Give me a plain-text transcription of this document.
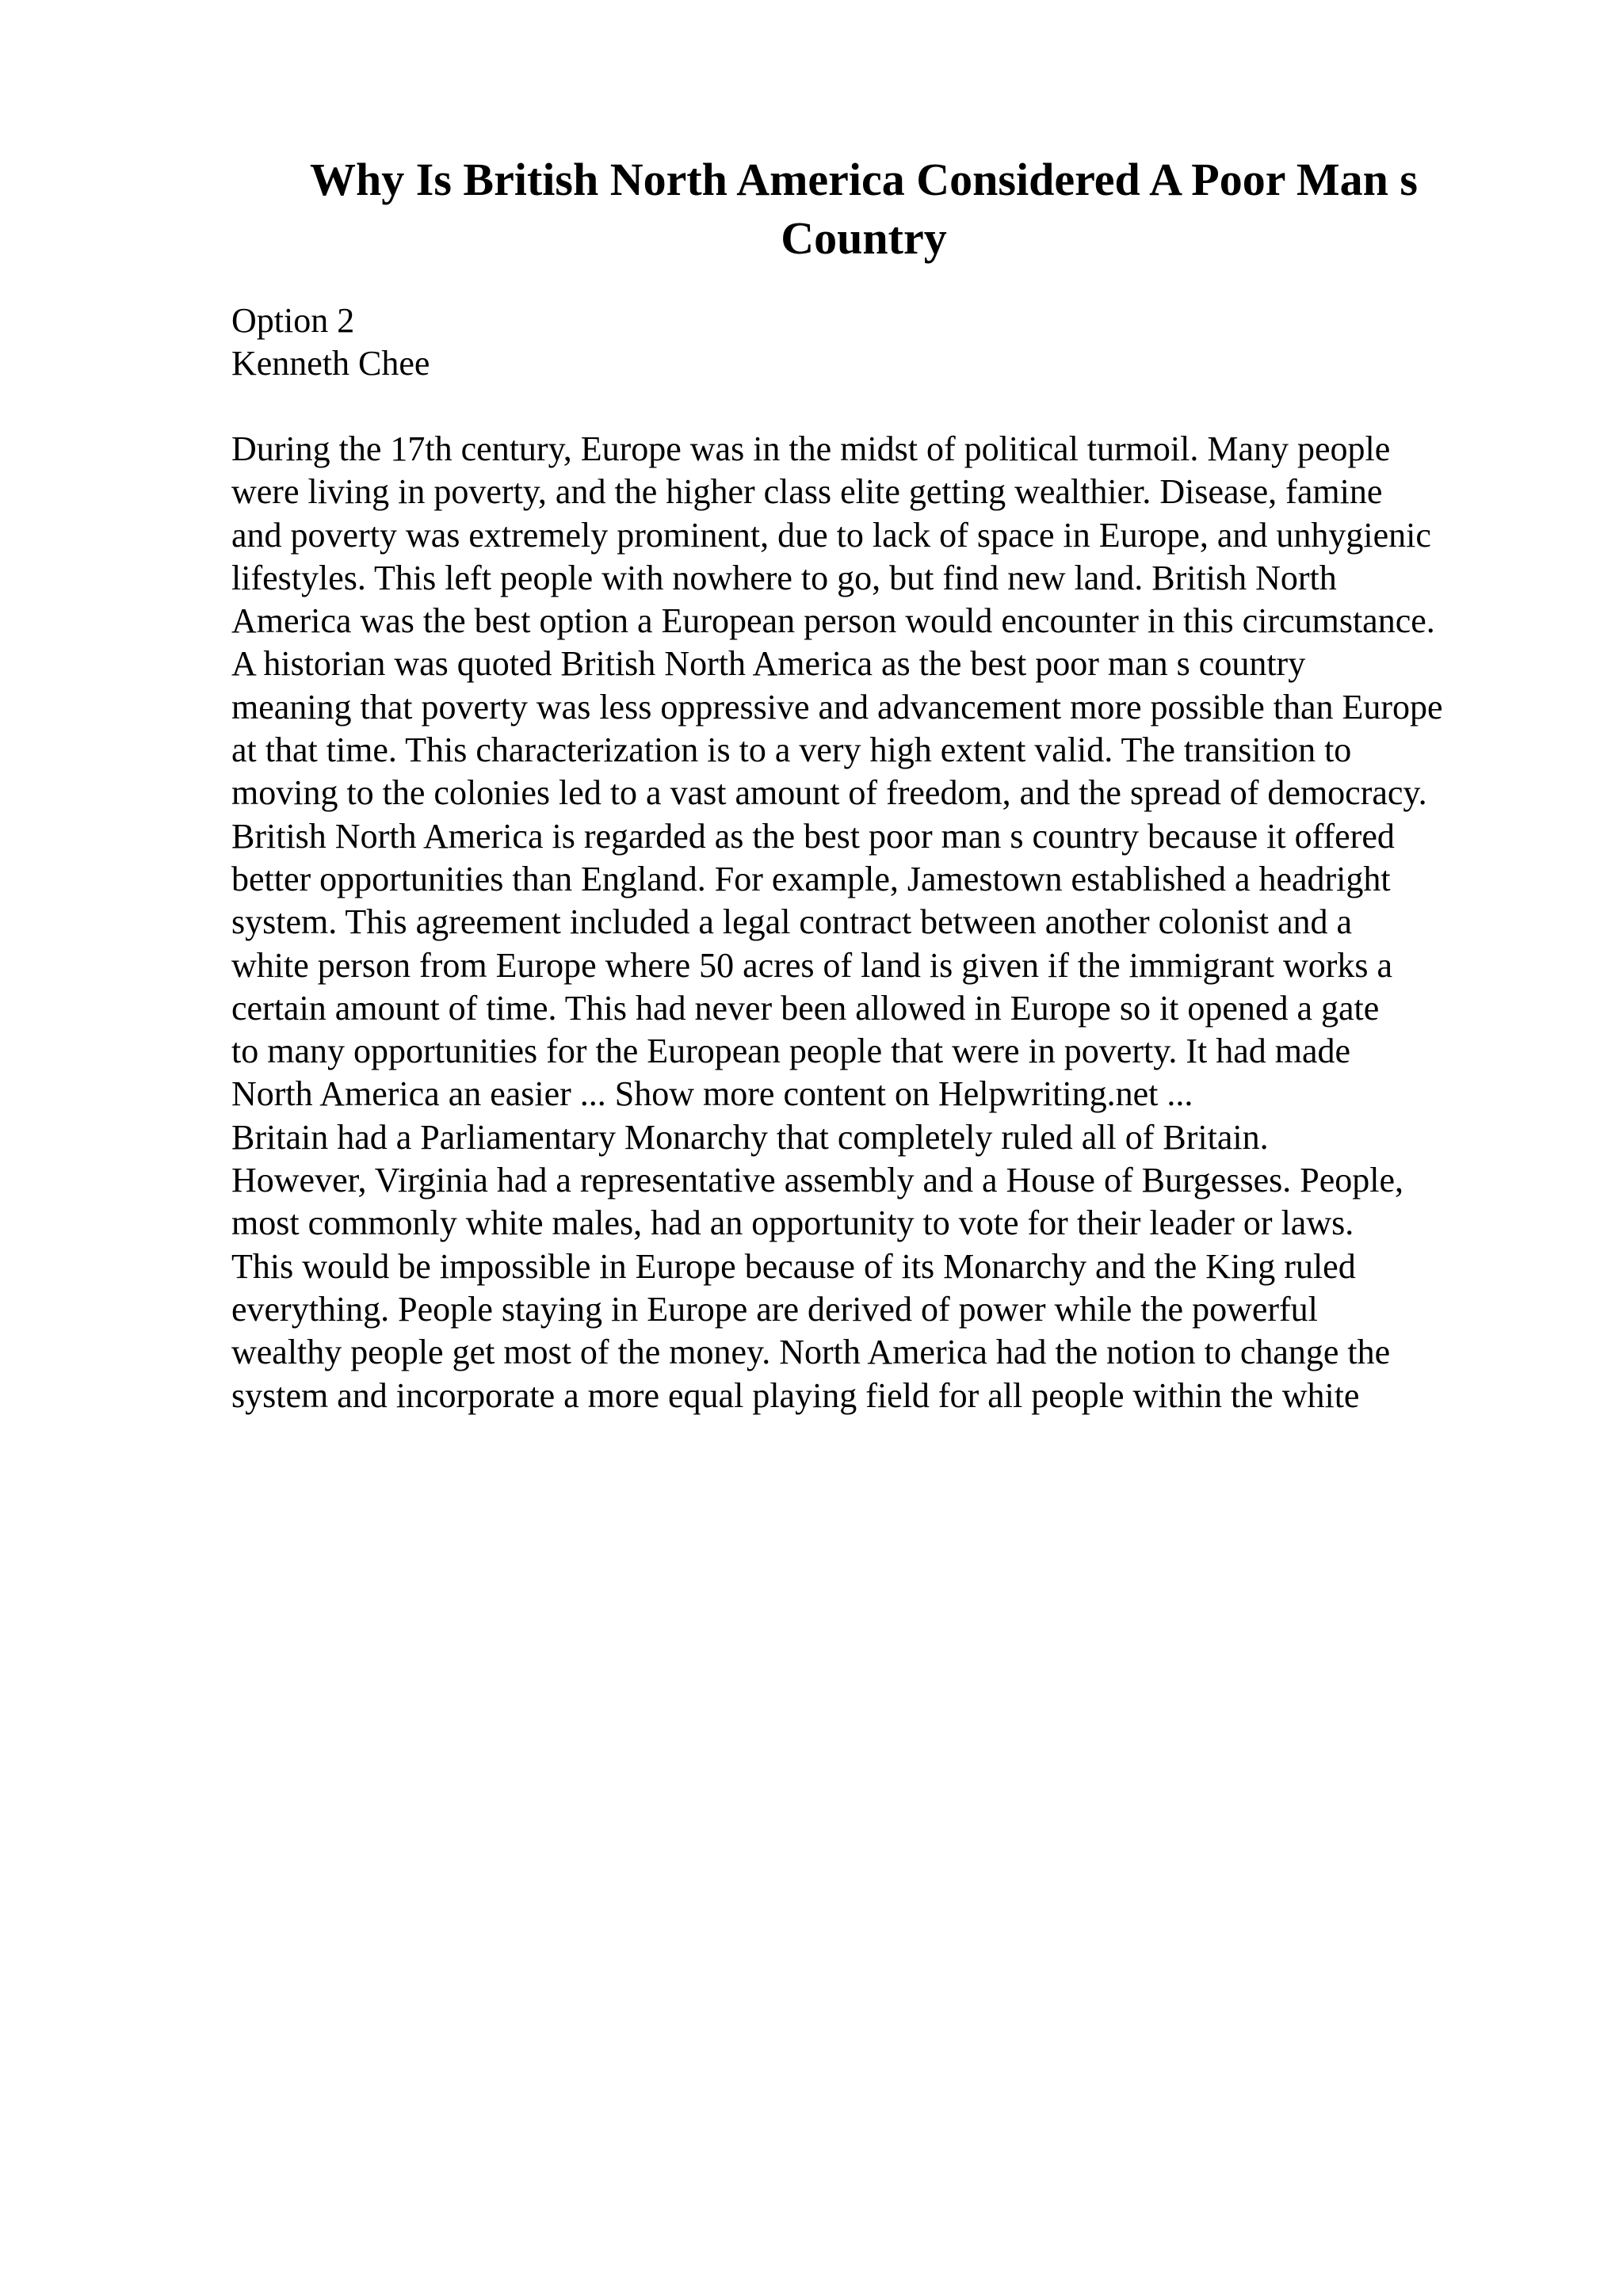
Why Is British North America Considered A Poor Man s
Country
Option 2
Kenneth Chee
During the 17th century, Europe was in the midst of political turmoil. Many people
were living in poverty, and the higher class elite getting wealthier. Disease, famine
and poverty was extremely prominent, due to lack of space in Europe, and unhygienic
lifestyles. This left people with nowhere to go, but find new land. British North
America was the best option a European person would encounter in this circumstance.
A historian was quoted British North America as the best poor man s country
meaning that poverty was less oppressive and advancement more possible than Europe
at that time. This characterization is to a very high extent valid. The transition to
moving to the colonies led to a vast amount of freedom, and the spread of democracy.
British North America is regarded as the best poor man s country because it offered
better opportunities than England. For example, Jamestown established a headright
system. This agreement included a legal contract between another colonist and a
white person from Europe where 50 acres of land is given if the immigrant works a
certain amount of time. This had never been allowed in Europe so it opened a gate
to many opportunities for the European people that were in poverty. It had made
North America an easier ... Show more content on Helpwriting.net ...
Britain had a Parliamentary Monarchy that completely ruled all of Britain.
However, Virginia had a representative assembly and a House of Burgesses. People,
most commonly white males, had an opportunity to vote for their leader or laws.
This would be impossible in Europe because of its Monarchy and the King ruled
everything. People staying in Europe are derived of power while the powerful
wealthy people get most of the money. North America had the notion to change the
system and incorporate a more equal playing field for all people within the white
